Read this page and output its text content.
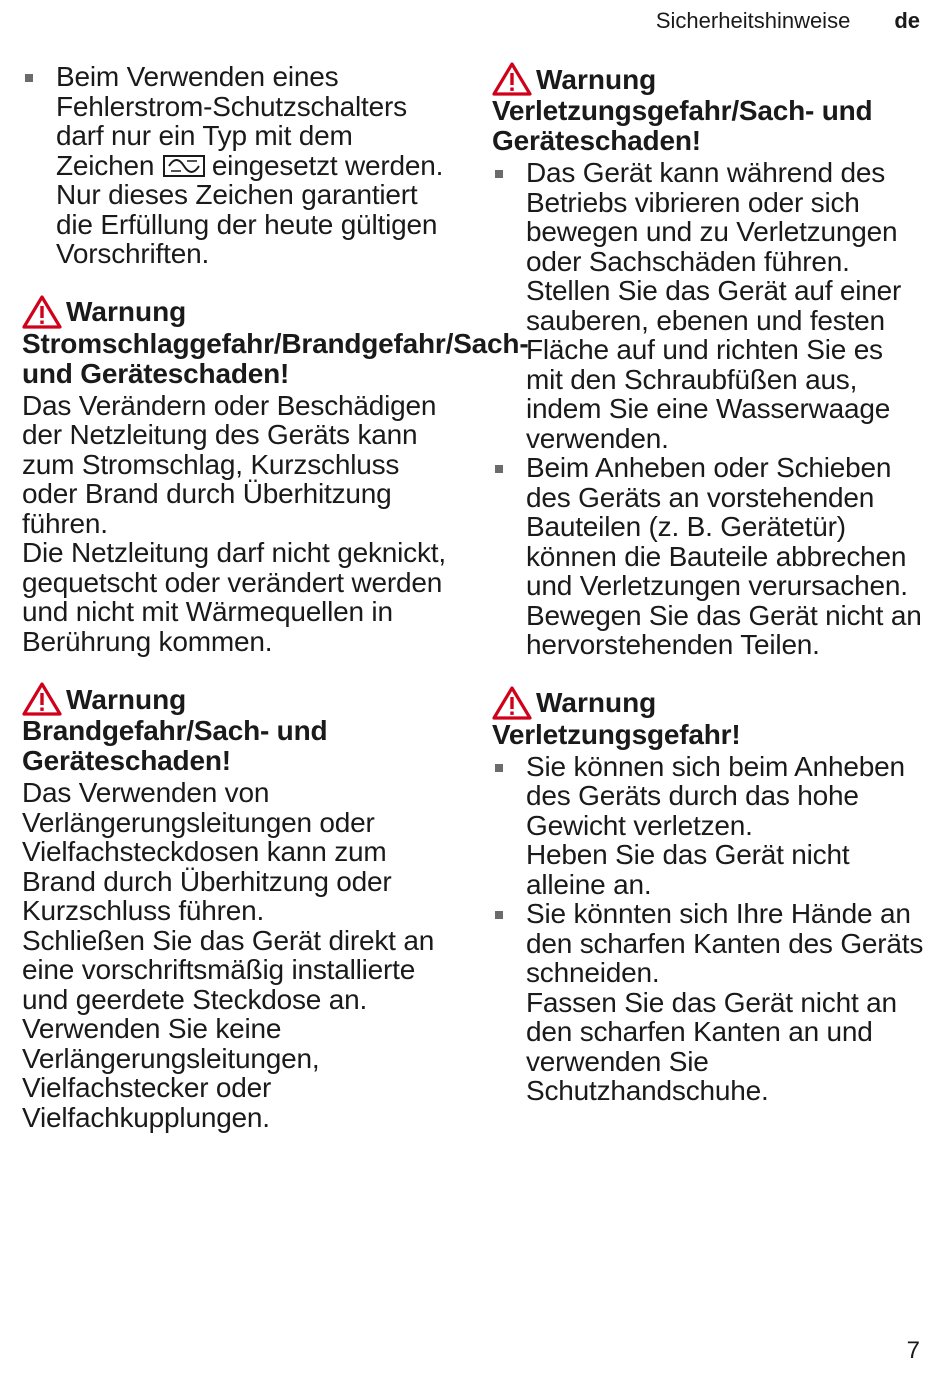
Sicherheitshinweise de

Beim Verwenden eines Fehlerstrom-Schutzschalters darf nur ein Typ mit dem Zeichen eingesetzt werden. Nur dieses Zeichen garantiert die Erfüllung der heute gültigen Vorschriften.

Warnung

Stromschlaggefahr/Brandgefahr/Sach- und Geräteschaden!

Das Verändern oder Beschädigen der Netzleitung des Geräts kann zum Stromschlag, Kurzschluss oder Brand durch Überhitzung führen.

Die Netzleitung darf nicht geknickt, gequetscht oder verändert werden und nicht mit Wärmequellen in Berührung kommen.

Warnung

Brandgefahr/Sach- und Geräteschaden!

Das Verwenden von Verlängerungsleitungen oder Vielfachsteckdosen kann zum Brand durch Überhitzung oder Kurzschluss führen.

Schließen Sie das Gerät direkt an eine vorschriftsmäßig installierte und geerdete Steckdose an. Verwenden Sie keine Verlängerungsleitungen, Vielfachstecker oder Vielfachkupplungen.

Warnung

Verletzungsgefahr/Sach- und Geräteschaden!

Das Gerät kann während des Betriebs vibrieren oder sich bewegen und zu Verletzungen oder Sachschäden führen.

Stellen Sie das Gerät auf einer sauberen, ebenen und festen Fläche auf und richten Sie es mit den Schraubfüßen aus, indem Sie eine Wasserwaage verwenden.

Beim Anheben oder Schieben des Geräts an vorstehenden Bauteilen (z. B. Gerätetür) können die Bauteile abbrechen und Verletzungen verursachen.

Bewegen Sie das Gerät nicht an hervorstehenden Teilen.

Warnung

Verletzungsgefahr!

Sie können sich beim Anheben des Geräts durch das hohe Gewicht verletzen.

Heben Sie das Gerät nicht alleine an.

Sie könnten sich Ihre Hände an den scharfen Kanten des Geräts schneiden.

Fassen Sie das Gerät nicht an den scharfen Kanten an und verwenden Sie Schutzhandschuhe.

7
